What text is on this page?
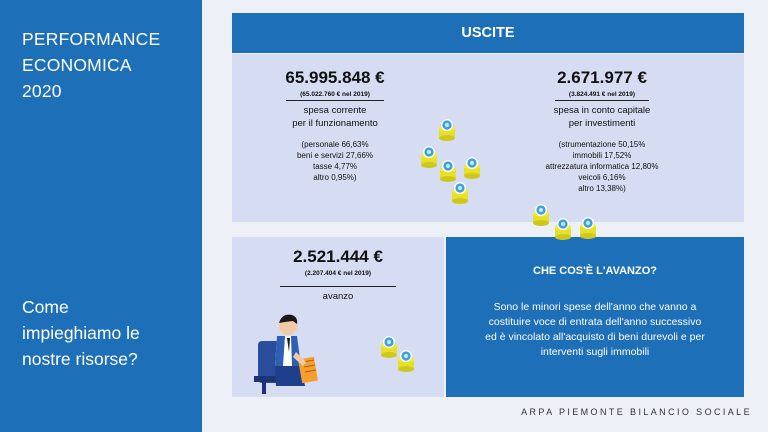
PERFORMANCE
ECONOMICA
2020
Come
impieghiamo le
nostre risorse?
USCITE
65.995.848 €
(65.022.760 € nel 2019)
spesa corrente
per il funzionamento
(personale 66,63%
beni e servizi 27,66%
tasse 4,77%
altro 0,95%)
2.671.977 €
(3.824.491 € nel 2019)
spesa in conto capitale
per investimenti
(strumentazione 50,15%
immobili 17,52%
attrezzatura informatica 12,80%
veicoli 6,16%
altro 13,38%)
2.521.444 €
(2.207.404 € nel 2019)
avanzo
CHE COS'È L'AVANZO?
Sono le minori spese dell'anno che vanno a
costituire voce di entrata dell'anno successivo
ed è vincolato all'acquisto di beni durevoli e per
interventi sugli immobili
ARPA PIEMONTE BILANCIO SOCIALE
